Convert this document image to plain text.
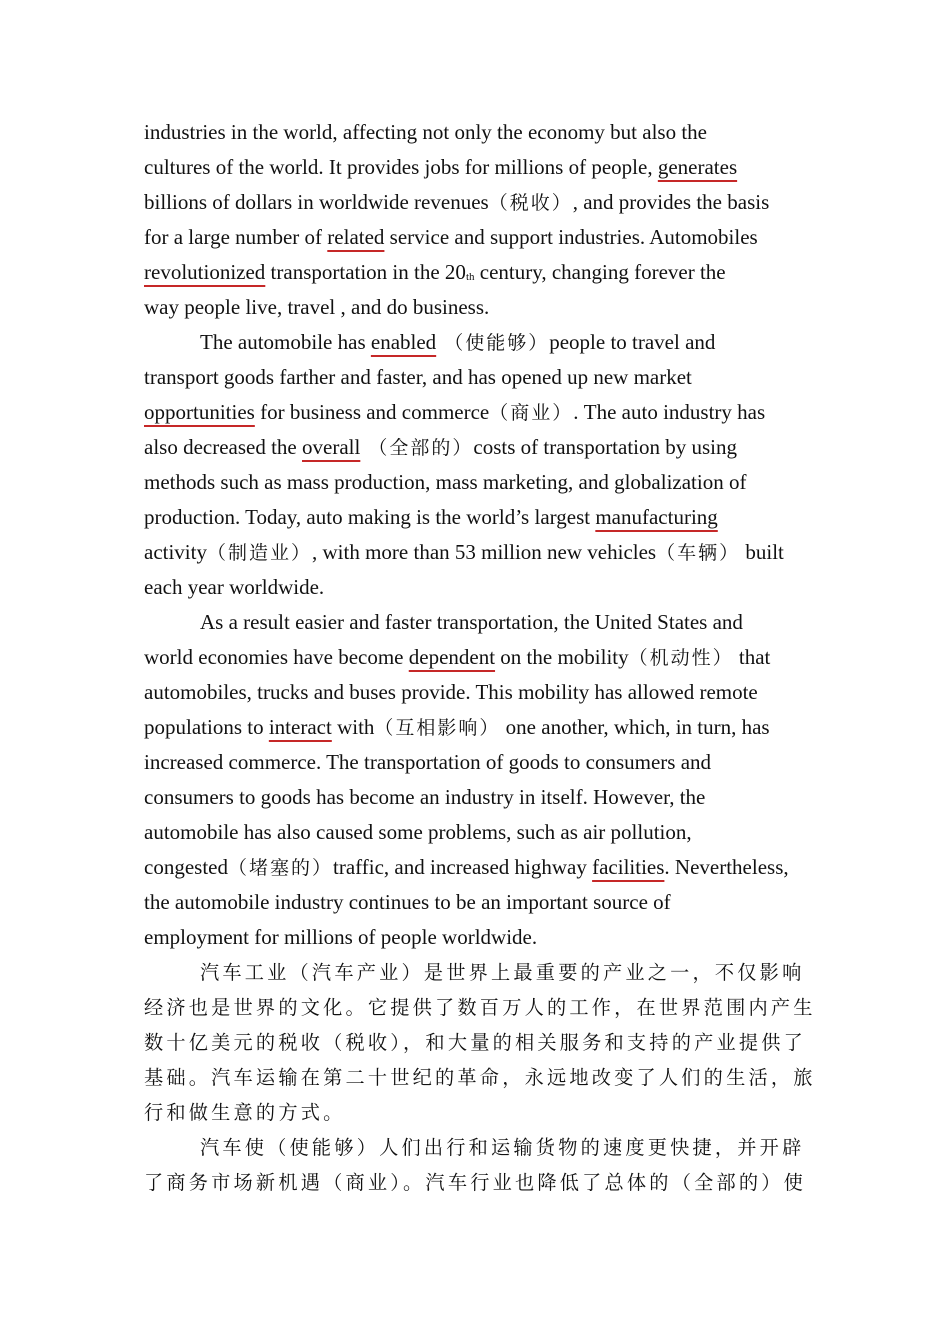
industries in the world, affecting not only the economy but also the
cultures of the world. It provides jobs for millions of people, generates
billions of dollars in worldwide revenues（税收）, and provides the basis
for a large number of related service and support industries. Automobiles
revolutionized transportation in the 20th century, changing forever the
way people live, travel , and do business.
The automobile has enabled （使能够）people to travel and
transport goods farther and faster, and has opened up new market
opportunities for business and commerce（商业）. The auto industry has
also decreased the overall （全部的）costs of transportation by using
methods such as mass production, mass marketing, and globalization of
production. Today, auto making is the world’s largest manufacturing
activity（制造业）, with more than 53 million new vehicles（车辆） built
each year worldwide.
As a result easier and faster transportation, the United States and
world economies have become dependent on the mobility（机动性） that
automobiles, trucks and buses provide. This mobility has allowed remote
populations to interact with（互相影响） one another, which, in turn, has
increased commerce. The transportation of goods to consumers and
consumers to goods has become an industry in itself. However, the
automobile has also caused some problems, such as air pollution,
congested（堵塞的）traffic, and increased highway facilities. Nevertheless,
the automobile industry continues to be an important source of
employment for millions of people worldwide.
汽车工业（汽车产业）是世界上最重要的产业之一，不仅影响
经济也是世界的文化。它提供了数百万人的工作，在世界范围内产生
数十亿美元的税收（税收），和大量的相关服务和支持的产业提供了
基础。汽车运输在第二十世纪的革命，永远地改变了人们的生活，旅
行和做生意的方式。
汽车使（使能够）人们出行和运输货物的速度更快捷，并开辟
了商务市场新机遇（商业）。汽车行业也降低了总体的（全部的）使
